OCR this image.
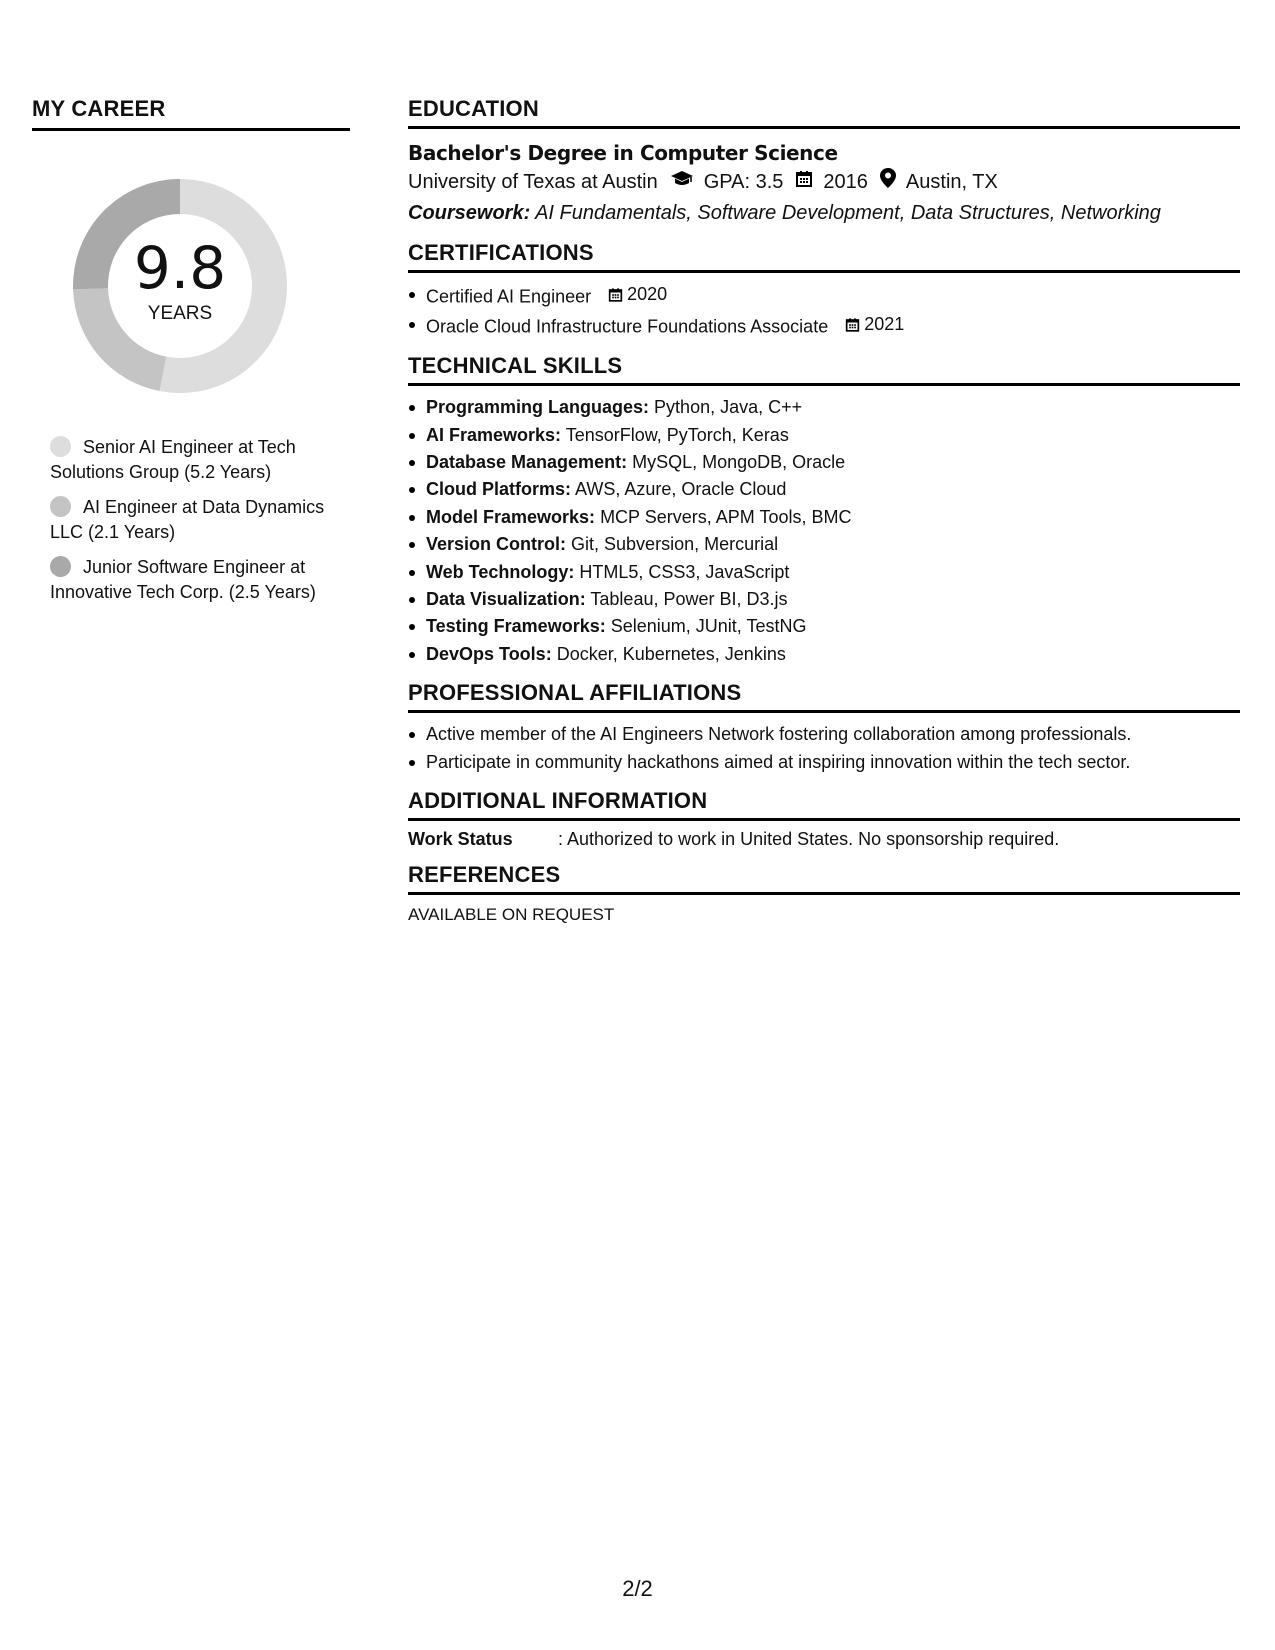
MY CAREER
9.8
YEARS
Senior AI Engineer at Tech Solutions Group (5.2 Years)
AI Engineer at Data Dynamics LLC (2.1 Years)
Junior Software Engineer at Innovative Tech Corp. (2.5 Years)
EDUCATION
Bachelor's Degree in Computer Science
University of Texas at Austin GPA: 3.5 2016 Austin, TX
Coursework: AI Fundamentals, Software Development, Data Structures, Networking
CERTIFICATIONS
Certified AI Engineer 2020
Oracle Cloud Infrastructure Foundations Associate 2021
TECHNICAL SKILLS
Programming Languages: Python, Java, C++
AI Frameworks: TensorFlow, PyTorch, Keras
Database Management: MySQL, MongoDB, Oracle
Cloud Platforms: AWS, Azure, Oracle Cloud
Model Frameworks: MCP Servers, APM Tools, BMC
Version Control: Git, Subversion, Mercurial
Web Technology: HTML5, CSS3, JavaScript
Data Visualization: Tableau, Power BI, D3.js
Testing Frameworks: Selenium, JUnit, TestNG
DevOps Tools: Docker, Kubernetes, Jenkins
PROFESSIONAL AFFILIATIONS
Active member of the AI Engineers Network fostering collaboration among professionals.
Participate in community hackathons aimed at inspiring innovation within the tech sector.
ADDITIONAL INFORMATION
Work Status	: Authorized to work in United States. No sponsorship required.
REFERENCES
AVAILABLE ON REQUEST
2/2
